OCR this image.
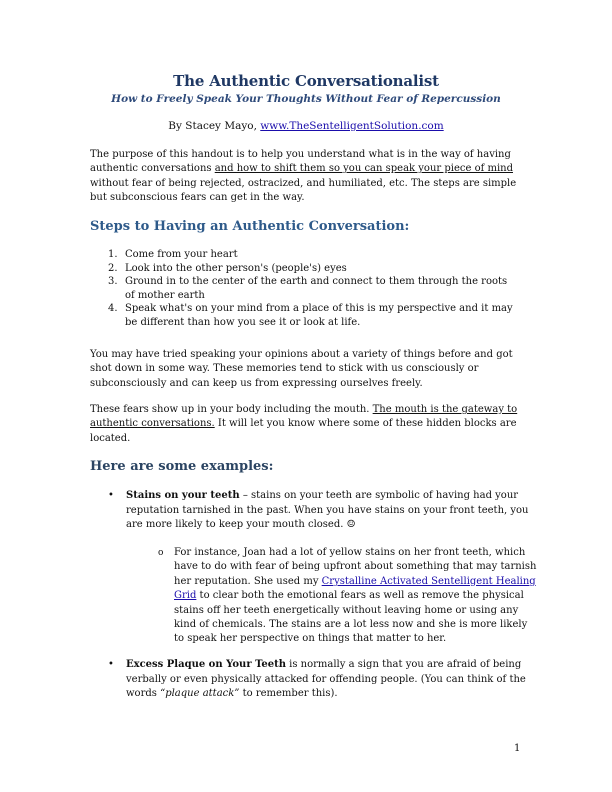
The Authentic Conversationalist
How to Freely Speak Your Thoughts Without Fear of Repercussion
By Stacey Mayo, www.TheSentelligentSolution.com
The purpose of this handout is to help you understand what is in the way of having authentic conversations and how to shift them so you can speak your piece of mind without fear of being rejected, ostracized, and humiliated, etc. The steps are simple but subconscious fears can get in the way.
Steps to Having an Authentic Conversation:
1. Come from your heart
2. Look into the other person's (people's) eyes
3. Ground in to the center of the earth and connect to them through the roots of mother earth
4. Speak what's on your mind from a place of this is my perspective and it may be different than how you see it or look at life.
You may have tried speaking your opinions about a variety of things before and got shot down in some way. These memories tend to stick with us consciously or subconsciously and can keep us from expressing ourselves freely.
These fears show up in your body including the mouth. The mouth is the gateway to authentic conversations. It will let you know where some of these hidden blocks are located.
Here are some examples:
• Stains on your teeth – stains on your teeth are symbolic of having had your reputation tarnished in the past. When you have stains on your front teeth, you are more likely to keep your mouth closed. ☺
o For instance, Joan had a lot of yellow stains on her front teeth, which have to do with fear of being upfront about something that may tarnish her reputation. She used my Crystalline Activated Sentelligent Healing Grid to clear both the emotional fears as well as remove the physical stains off her teeth energetically without leaving home or using any kind of chemicals. The stains are a lot less now and she is more likely to speak her perspective on things that matter to her.
• Excess Plaque on Your Teeth is normally a sign that you are afraid of being verbally or even physically attacked for offending people. (You can think of the words “plaque attack” to remember this).
1
